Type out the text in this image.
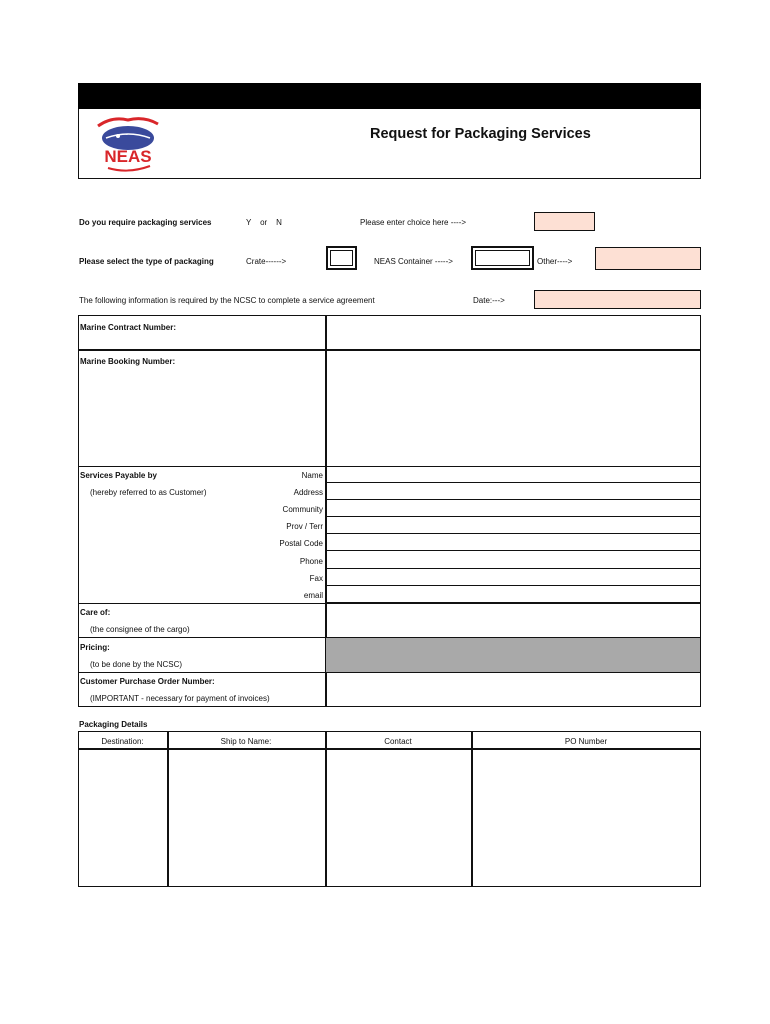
NEAS
Request for Packaging Services
Do you require packaging services	Y    or    N	Please enter choice here ---->
Please select the type of packaging	Crate------>	NEAS Container ----->	Other---->
The following information is required by the NCSC to complete a service agreement	Date:--->
Marine Contract Number:
Marine Booking Number:
Services Payable by
(hereby referred to as Customer)
Name
Address
Community
Prov / Terr
Postal Code
Phone
Fax
email
Care of:
(the consignee of the cargo)
Pricing:
(to be done by the NCSC)
Customer Purchase Order Number:
(IMPORTANT - necessary for payment of invoices)
Packaging Details
Destination:	Ship to Name:	Contact	PO Number
